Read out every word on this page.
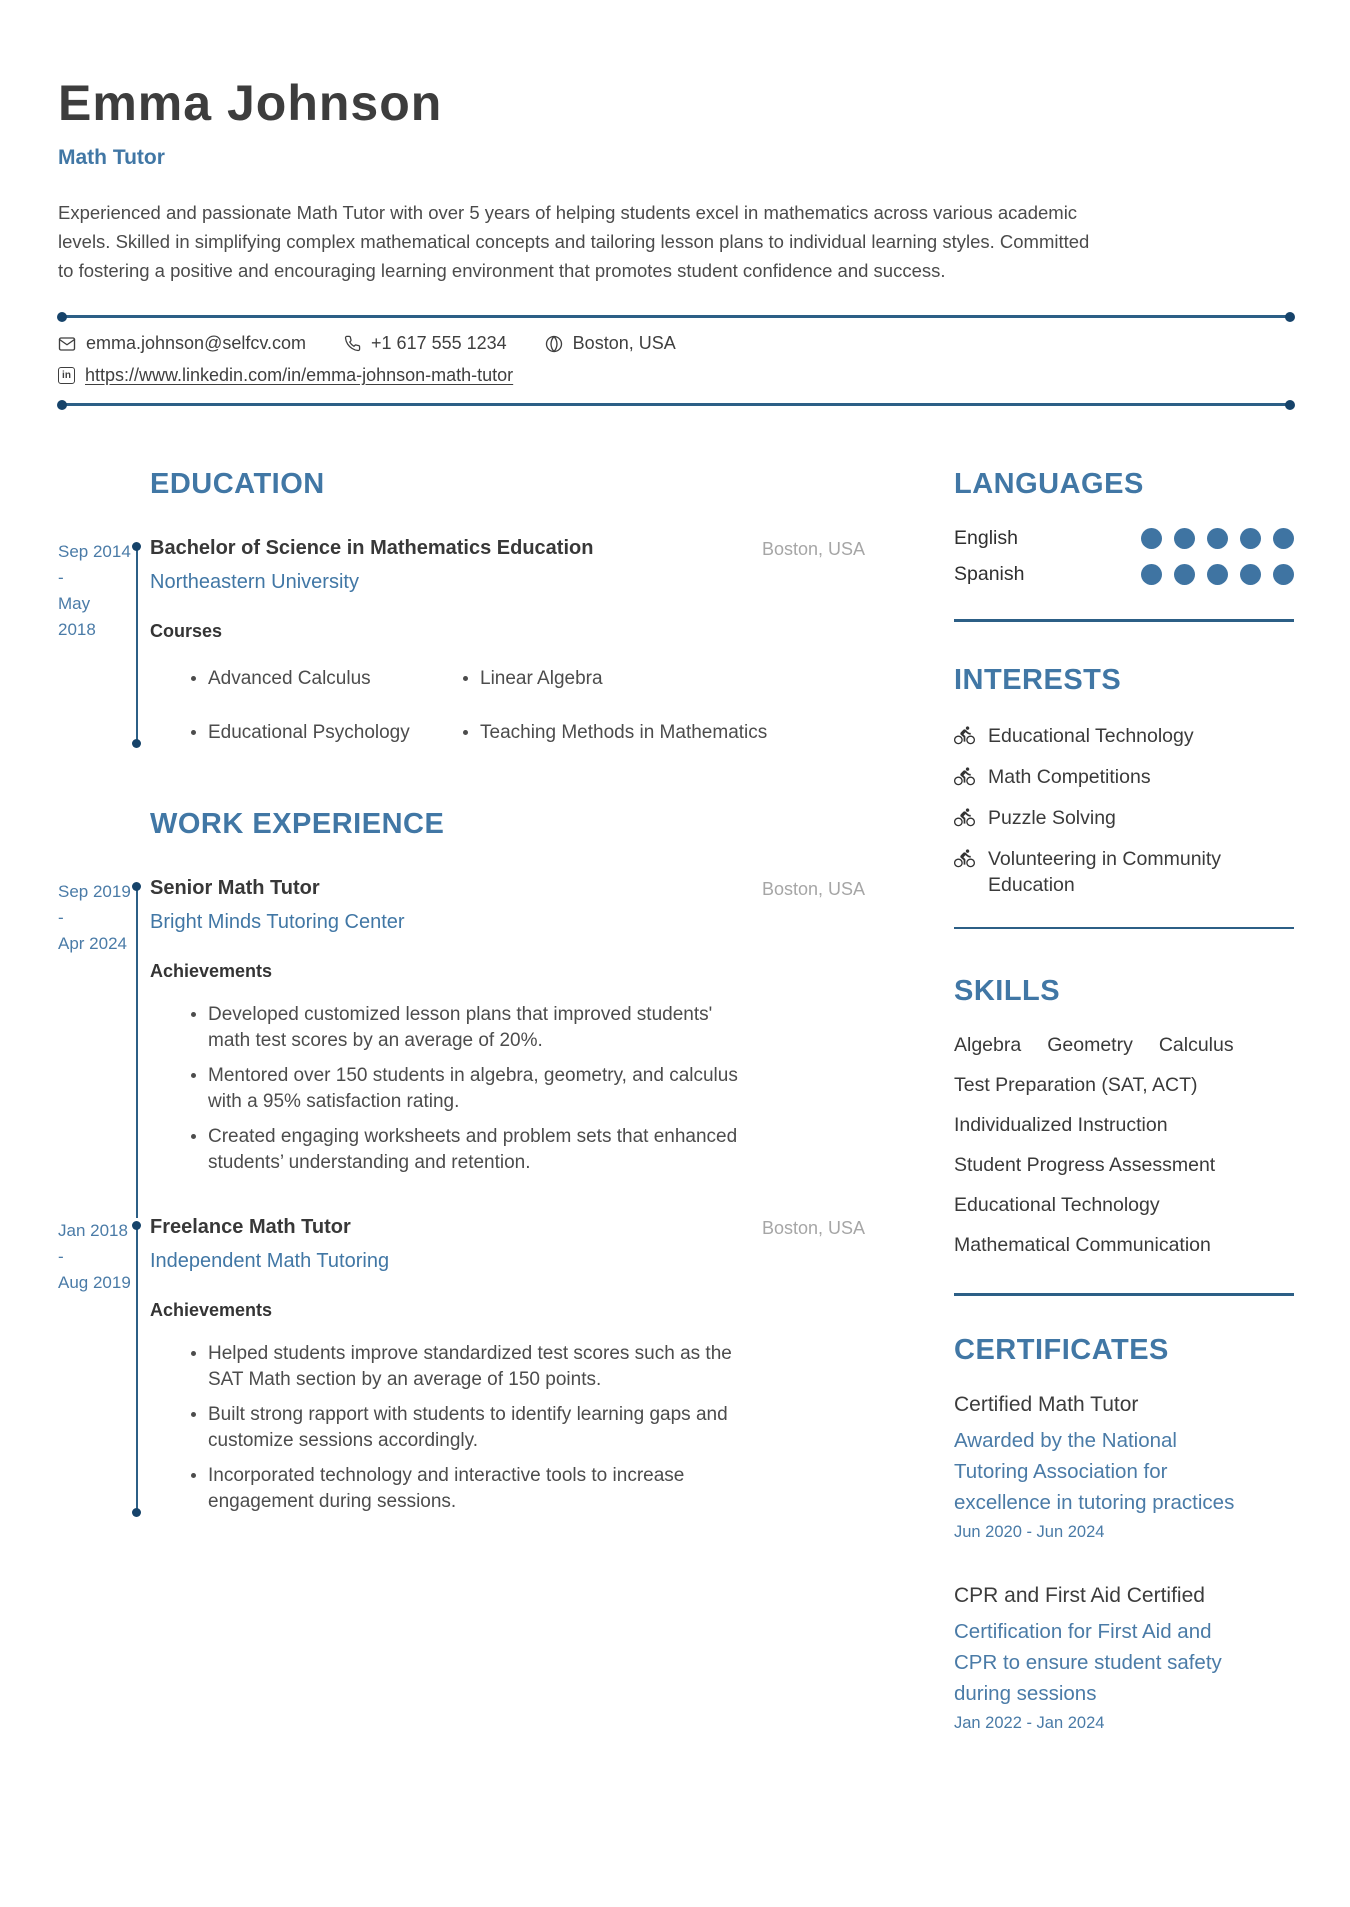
Emma Johnson
Math Tutor
Experienced and passionate Math Tutor with over 5 years of helping students excel in mathematics across various academic levels. Skilled in simplifying complex mathematical concepts and tailoring lesson plans to individual learning styles. Committed to fostering a positive and encouraging learning environment that promotes student confidence and success.
emma.johnson@selfcv.com	+1 617 555 1234	Boston, USA
in
https://www.linkedin.com/in/emma-johnson-math-tutor
EDUCATION
Sep 2014
-
May 2018
Bachelor of Science in Mathematics Education	Boston, USA
Northeastern University
Courses
Advanced Calculus	Linear Algebra
Educational Psychology	Teaching Methods in Mathematics
WORK EXPERIENCE
Sep 2019
-
Apr 2024
Senior Math Tutor	Boston, USA
Bright Minds Tutoring Center
Achievements
Developed customized lesson plans that improved students' math test scores by an average of 20%.
Mentored over 150 students in algebra, geometry, and calculus with a 95% satisfaction rating.
Created engaging worksheets and problem sets that enhanced students’ understanding and retention.
Jan 2018
-
Aug 2019
Freelance Math Tutor	Boston, USA
Independent Math Tutoring
Achievements
Helped students improve standardized test scores such as the SAT Math section by an average of 150 points.
Built strong rapport with students to identify learning gaps and customize sessions accordingly.
Incorporated technology and interactive tools to increase engagement during sessions.
LANGUAGES
English
Spanish
INTERESTS
Educational Technology
Math Competitions
Puzzle Solving
Volunteering in Community Education
SKILLS
Algebra Geometry Calculus
Test Preparation (SAT, ACT)
Individualized Instruction
Student Progress Assessment
Educational Technology
Mathematical Communication
CERTIFICATES
Certified Math Tutor
Awarded by the National Tutoring Association for excellence in tutoring practices
Jun 2020 - Jun 2024
CPR and First Aid Certified
Certification for First Aid and CPR to ensure student safety during sessions
Jan 2022 - Jan 2024
